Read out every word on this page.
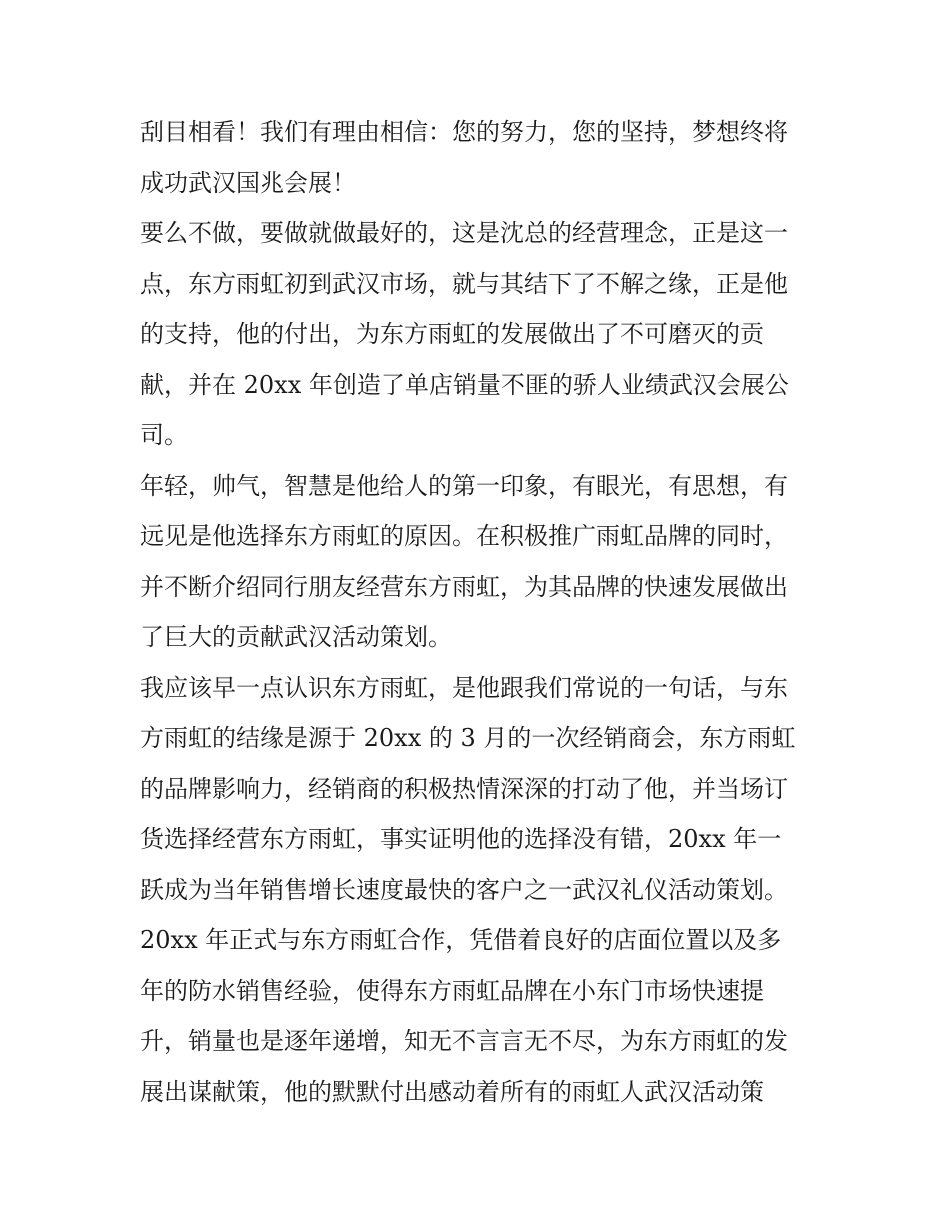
刮目相看！我们有理由相信：您的努力，您的坚持，梦想终将
成功武汉国兆会展！
要么不做，要做就做最好的，这是沈总的经营理念，正是这一
点，东方雨虹初到武汉市场，就与其结下了不解之缘，正是他
的支持，他的付出，为东方雨虹的发展做出了不可磨灭的贡
献，并在 20xx 年创造了单店销量不匪的骄人业绩武汉会展公
司。
年轻，帅气，智慧是他给人的第一印象，有眼光，有思想，有
远见是他选择东方雨虹的原因。在积极推广雨虹品牌的同时，
并不断介绍同行朋友经营东方雨虹，为其品牌的快速发展做出
了巨大的贡献武汉活动策划。
我应该早一点认识东方雨虹，是他跟我们常说的一句话，与东
方雨虹的结缘是源于 20xx 的 3 月的一次经销商会，东方雨虹
的品牌影响力，经销商的积极热情深深的打动了他，并当场订
货选择经营东方雨虹，事实证明他的选择没有错，20xx 年一
跃成为当年销售增长速度最快的客户之一武汉礼仪活动策划。
20xx 年正式与东方雨虹合作，凭借着良好的店面位置以及多
年的防水销售经验，使得东方雨虹品牌在小东门市场快速提
升，销量也是逐年递增，知无不言言无不尽，为东方雨虹的发
展出谋献策，他的默默付出感动着所有的雨虹人武汉活动策
